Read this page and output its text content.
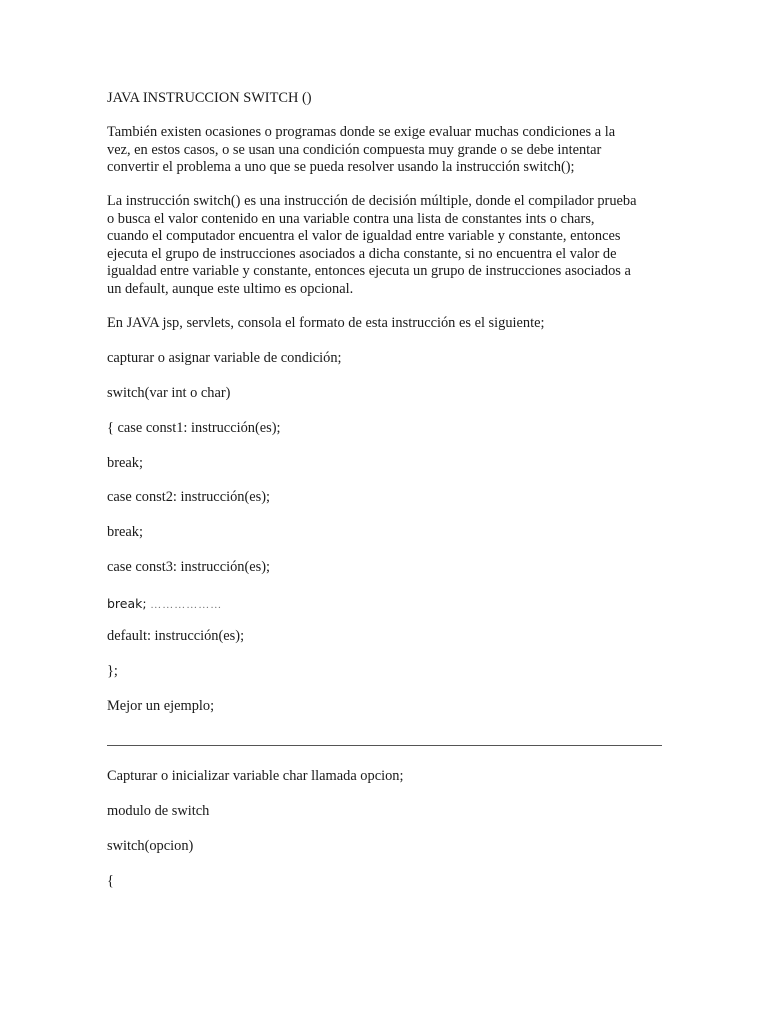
JAVA INSTRUCCION SWITCH ()

También existen ocasiones o programas donde se exige evaluar muchas condiciones a la
vez, en estos casos, o se usan una condición compuesta muy grande o se debe intentar
convertir el problema a uno que se pueda resolver usando la instrucción switch();
La instrucción switch() es una instrucción de decisión múltiple, donde el compilador prueba
o busca el valor contenido en una variable contra una lista de constantes ints o chars,
cuando el computador encuentra el valor de igualdad entre variable y constante, entonces
ejecuta el grupo de instrucciones asociados a dicha constante, si no encuentra el valor de
igualdad entre variable y constante, entonces ejecuta un grupo de instrucciones asociados a
un default, aunque este ultimo es opcional.

En JAVA jsp, servlets, consola el formato de esta instrucción es el siguiente;

capturar o asignar variable de condición;

switch(var int o char)

{ case const1: instrucción(es);

break;

case const2: instrucción(es);

break;

case const3: instrucción(es);

break; ………………

default: instrucción(es);

};

Mejor un ejemplo;

Capturar o inicializar variable char llamada opcion;

modulo de switch

switch(opcion)

{
